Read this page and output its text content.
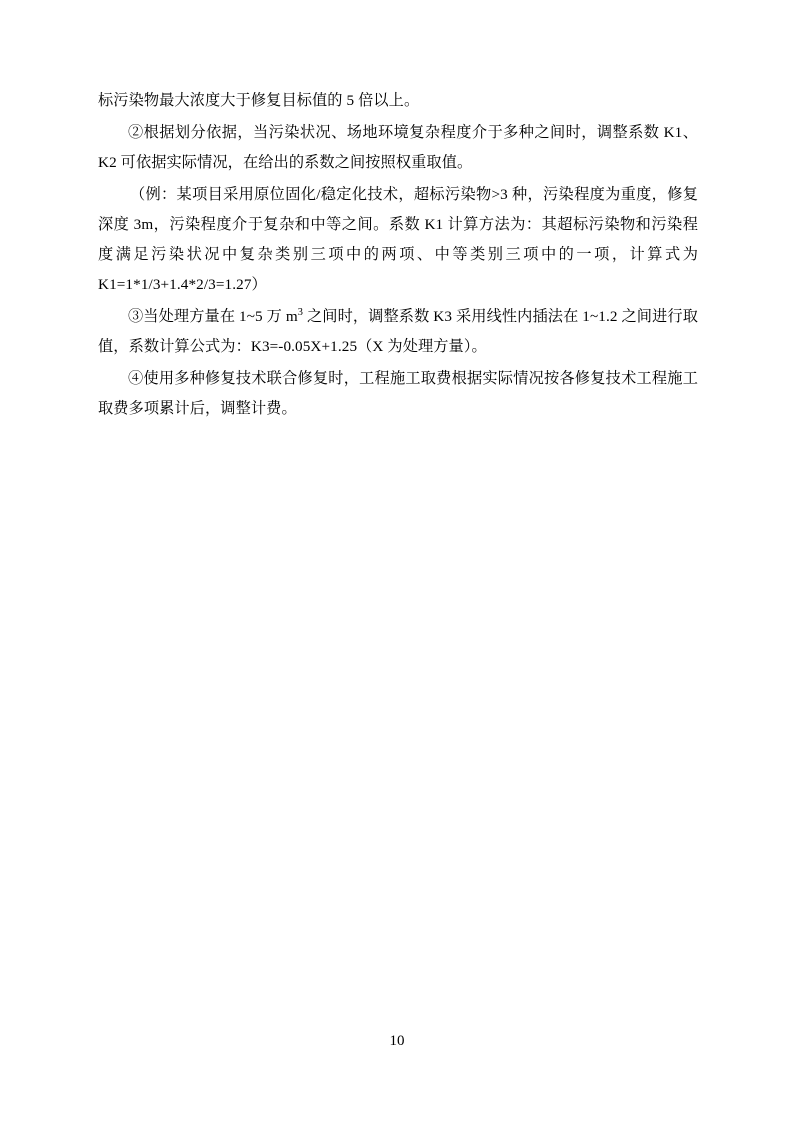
标污染物最大浓度大于修复目标值的 5 倍以上。

②根据划分依据，当污染状况、场地环境复杂程度介于多种之间时，调整系数 K1、K2 可依据实际情况，在给出的系数之间按照权重取值。

（例：某项目采用原位固化/稳定化技术，超标污染物>3 种，污染程度为重度，修复深度 3m，污染程度介于复杂和中等之间。系数 K1 计算方法为：其超标污染物和污染程度满足污染状况中复杂类别三项中的两项、中等类别三项中的一项，计算式为 K1=1*1/3+1.4*2/3=1.27）

③当处理方量在 1~5 万 $m^3$ 之间时，调整系数 K3 采用线性内插法在 1~1.2 之间进行取值，系数计算公式为：K3=-0.05X+1.25（X 为处理方量）。

④使用多种修复技术联合修复时，工程施工取费根据实际情况按各修复技术工程施工取费多项累计后，调整计费。

10
